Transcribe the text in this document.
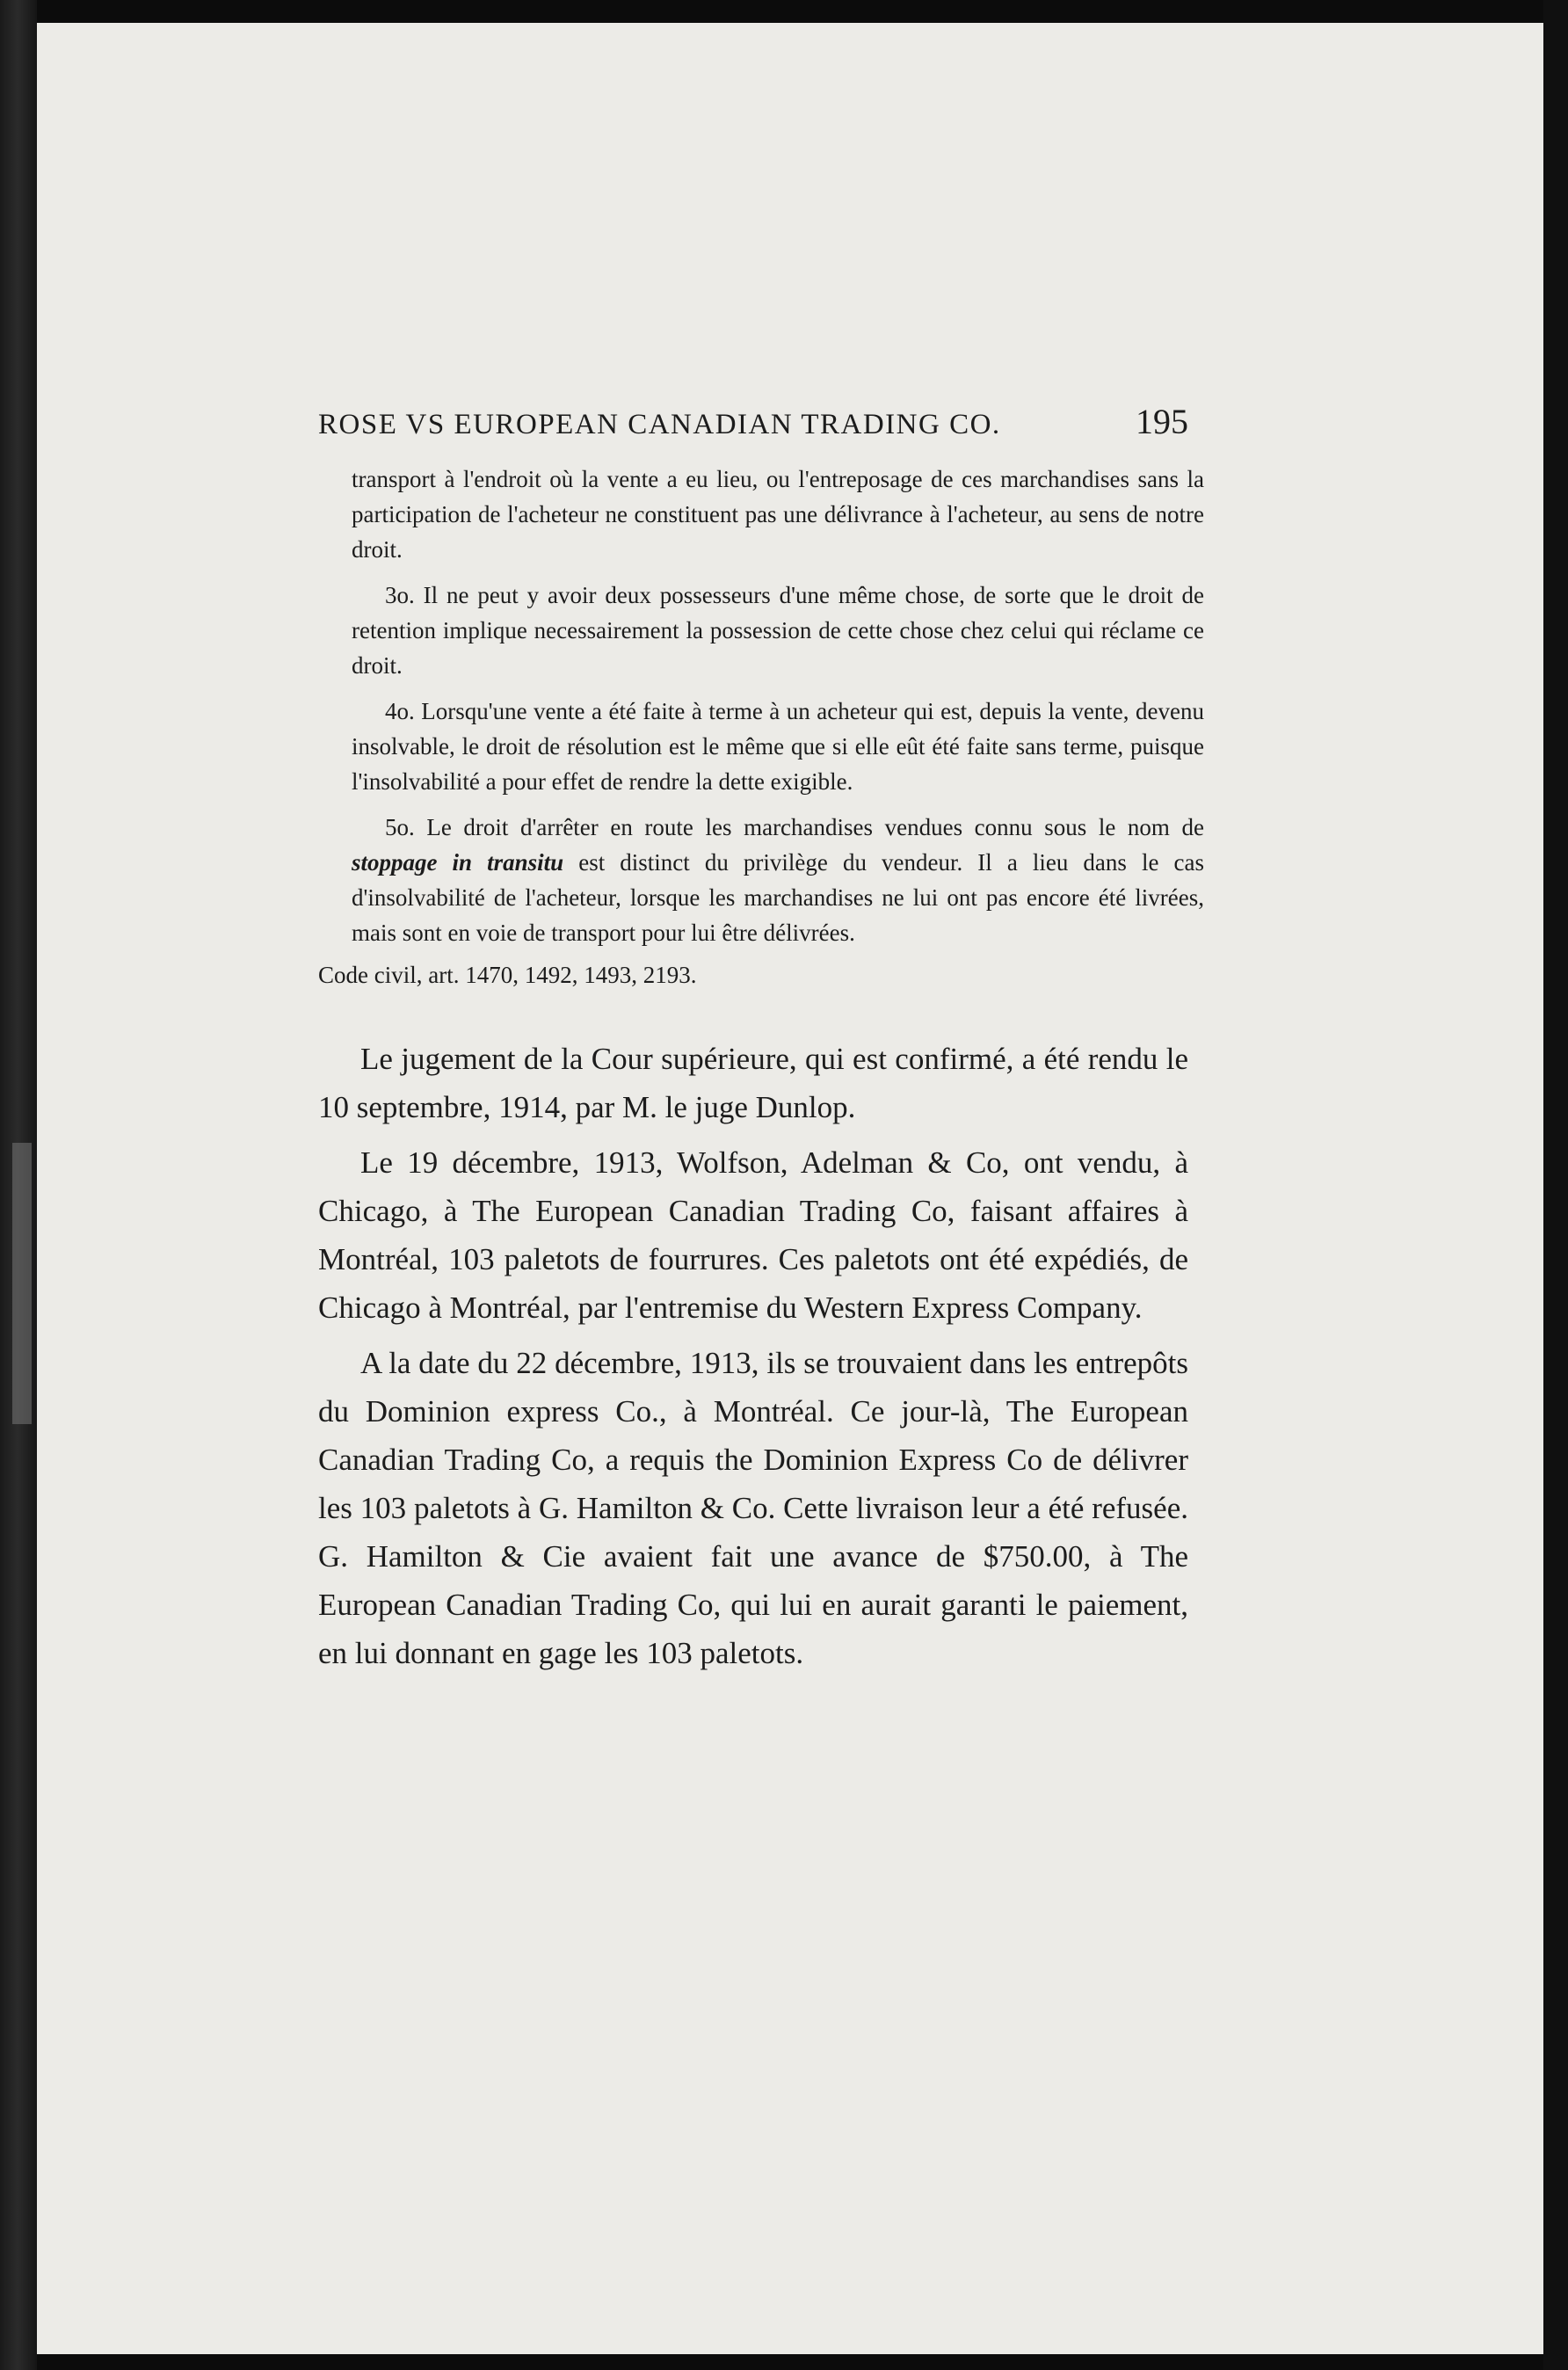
ROSE VS EUROPEAN CANADIAN TRADING CO.	195

transport à l'endroit où la vente a eu lieu, ou l'entreposage de ces marchandises sans la participation de l'acheteur ne constituent pas une délivrance à l'acheteur, au sens de notre droit.

3o. Il ne peut y avoir deux possesseurs d'une même chose, de sorte que le droit de retention implique necessairement la possession de cette chose chez celui qui réclame ce droit.

4o. Lorsqu'une vente a été faite à terme à un acheteur qui est, depuis la vente, devenu insolvable, le droit de résolution est le même que si elle eût été faite sans terme, puisque l'insolvabilité a pour effet de rendre la dette exigible.

5o. Le droit d'arrêter en route les marchandises vendues connu sous le nom de stoppage in transitu est distinct du privilège du vendeur. Il a lieu dans le cas d'insolvabilité de l'acheteur, lorsque les marchandises ne lui ont pas encore été livrées, mais sont en voie de transport pour lui être délivrées.

Code civil, art. 1470, 1492, 1493, 2193.

Le jugement de la Cour supérieure, qui est confirmé, a été rendu le 10 septembre, 1914, par M. le juge Dunlop.

Le 19 décembre, 1913, Wolfson, Adelman & Co, ont vendu, à Chicago, à The European Canadian Trading Co, faisant affaires à Montréal, 103 paletots de fourrures. Ces paletots ont été expédiés, de Chicago à Montréal, par l'entremise du Western Express Company.

A la date du 22 décembre, 1913, ils se trouvaient dans les entrepôts du Dominion express Co., à Montréal. Ce jour-là, The European Canadian Trading Co, a requis the Dominion Express Co de délivrer les 103 paletots à G. Hamilton & Co. Cette livraison leur a été refusée. G. Hamilton & Cie avaient fait une avance de $750.00, à The European Canadian Trading Co, qui lui en aurait garanti le paiement, en lui donnant en gage les 103 paletots.
